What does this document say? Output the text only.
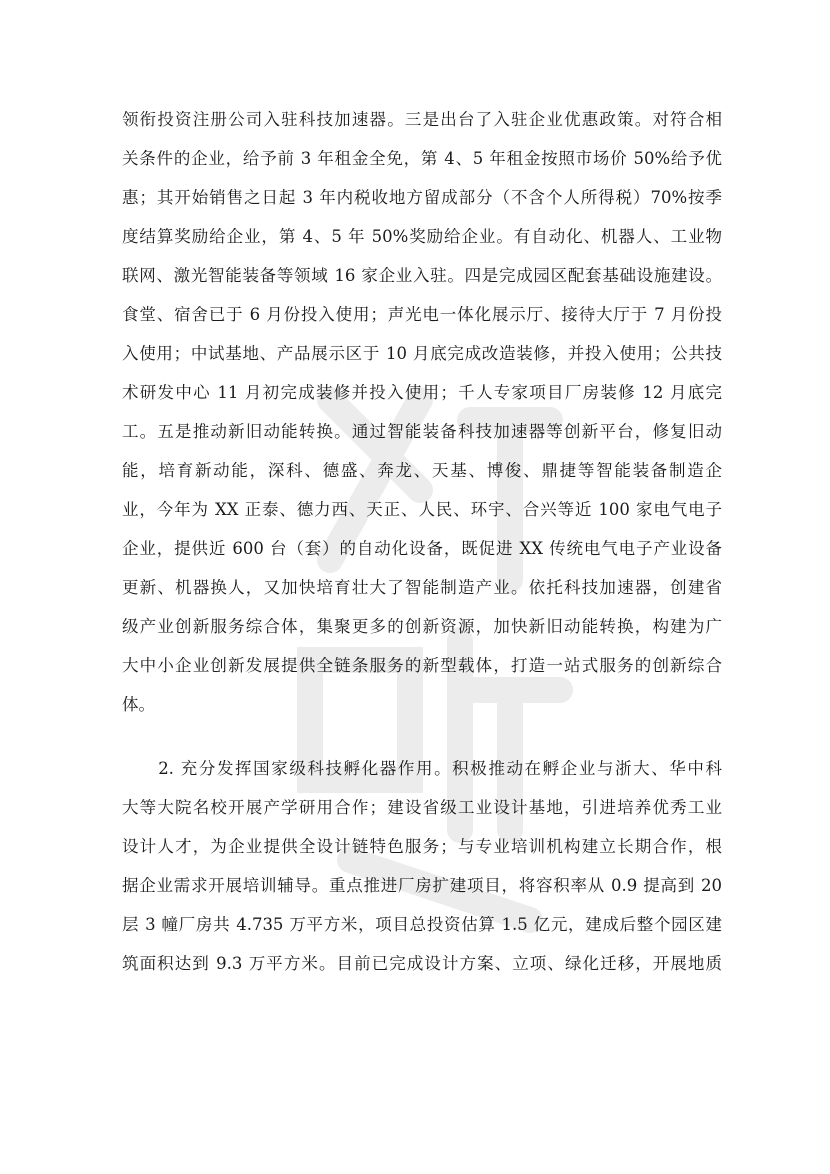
领衔投资注册公司入驻科技加速器。三是出台了入驻企业优惠政策。对符合相
关条件的企业，给予前 3 年租金全免，第 4、5 年租金按照市场价 50%给予优
惠；其开始销售之日起 3 年内税收地方留成部分（不含个人所得税）70%按季
度结算奖励给企业，第 4、5 年 50%奖励给企业。有自动化、机器人、工业物
联网、激光智能装备等领域 16 家企业入驻。四是完成园区配套基础设施建设。
食堂、宿舍已于 6 月份投入使用；声光电一体化展示厅、接待大厅于 7 月份投
入使用；中试基地、产品展示区于 10 月底完成改造装修，并投入使用；公共技
术研发中心 11 月初完成装修并投入使用；千人专家项目厂房装修 12 月底完
工。五是推动新旧动能转换。通过智能装备科技加速器等创新平台，修复旧动
能，培育新动能，深科、德盛、奔龙、天基、博俊、鼎捷等智能装备制造企
业，今年为 XX 正泰、德力西、天正、人民、环宇、合兴等近 100 家电气电子
企业，提供近 600 台（套）的自动化设备，既促进 XX 传统电气电子产业设备
更新、机器换人，又加快培育壮大了智能制造产业。依托科技加速器，创建省
级产业创新服务综合体，集聚更多的创新资源，加快新旧动能转换，构建为广
大中小企业创新发展提供全链条服务的新型载体，打造一站式服务的创新综合
体。
　　2. 充分发挥国家级科技孵化器作用。积极推动在孵企业与浙大、华中科
大等大院名校开展产学研用合作；建设省级工业设计基地，引进培养优秀工业
设计人才，为企业提供全设计链特色服务；与专业培训机构建立长期合作，根
据企业需求开展培训辅导。重点推进厂房扩建项目，将容积率从 0.9 提高到 20
层 3 幢厂房共 4.735 万平方米，项目总投资估算 1.5 亿元，建成后整个园区建
筑面积达到 9.3 万平方米。目前已完成设计方案、立项、绿化迁移，开展地质
